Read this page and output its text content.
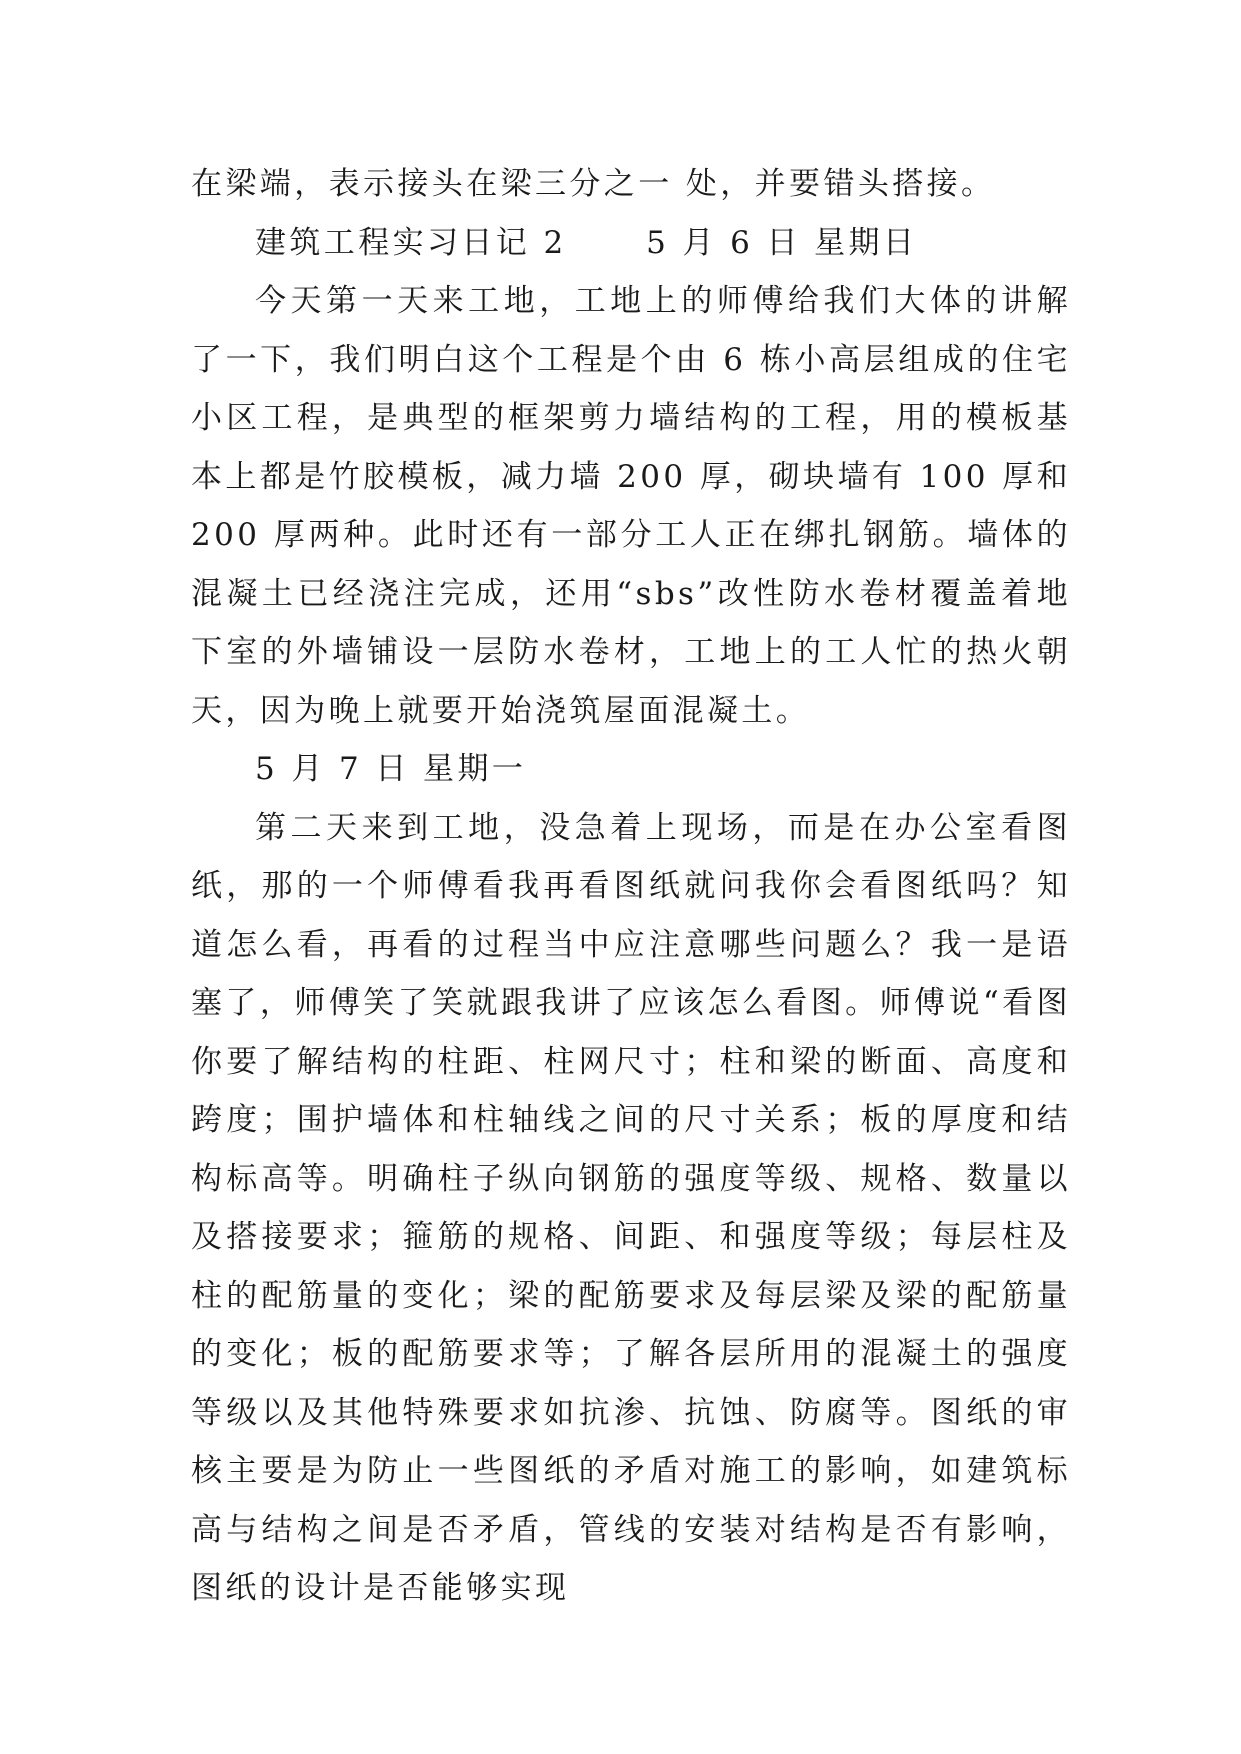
在梁端，表示接头在梁三分之一 处，并要错头搭接。

建筑工程实习日记 2      5 月 6 日 星期日

今天第一天来工地，工地上的师傅给我们大体的讲解了一下，我们明白这个工程是个由 6 栋小高层组成的住宅小区工程，是典型的框架剪力墙结构的工程，用的模板基本上都是竹胶模板，减力墙 200 厚，砌块墙有 100 厚和 200 厚两种。此时还有一部分工人正在绑扎钢筋。墙体的混凝土已经浇注完成，还用“sbs”改性防水卷材覆盖着地下室的外墙铺设一层防水卷材，工地上的工人忙的热火朝天，因为晚上就要开始浇筑屋面混凝土。

5 月 7 日 星期一

第二天来到工地，没急着上现场，而是在办公室看图纸，那的一个师傅看我再看图纸就问我你会看图纸吗？知道怎么看，再看的过程当中应注意哪些问题么？我一是语塞了，师傅笑了笑就跟我讲了应该怎么看图。师傅说“看图你要了解结构的柱距、柱网尺寸；柱和梁的断面、高度和跨度；围护墙体和柱轴线之间的尺寸关系；板的厚度和结构标高等。明确柱子纵向钢筋的强度等级、规格、数量以及搭接要求；箍筋的规格、间距、和强度等级；每层柱及柱的配筋量的变化；梁的配筋要求及每层梁及梁的配筋量的变化；板的配筋要求等；了解各层所用的混凝土的强度等级以及其他特殊要求如抗渗、抗蚀、防腐等。图纸的审核主要是为防止一些图纸的矛盾对施工的影响，如建筑标高与结构之间是否矛盾，管线的安装对结构是否有影响，图纸的设计是否能够实现
